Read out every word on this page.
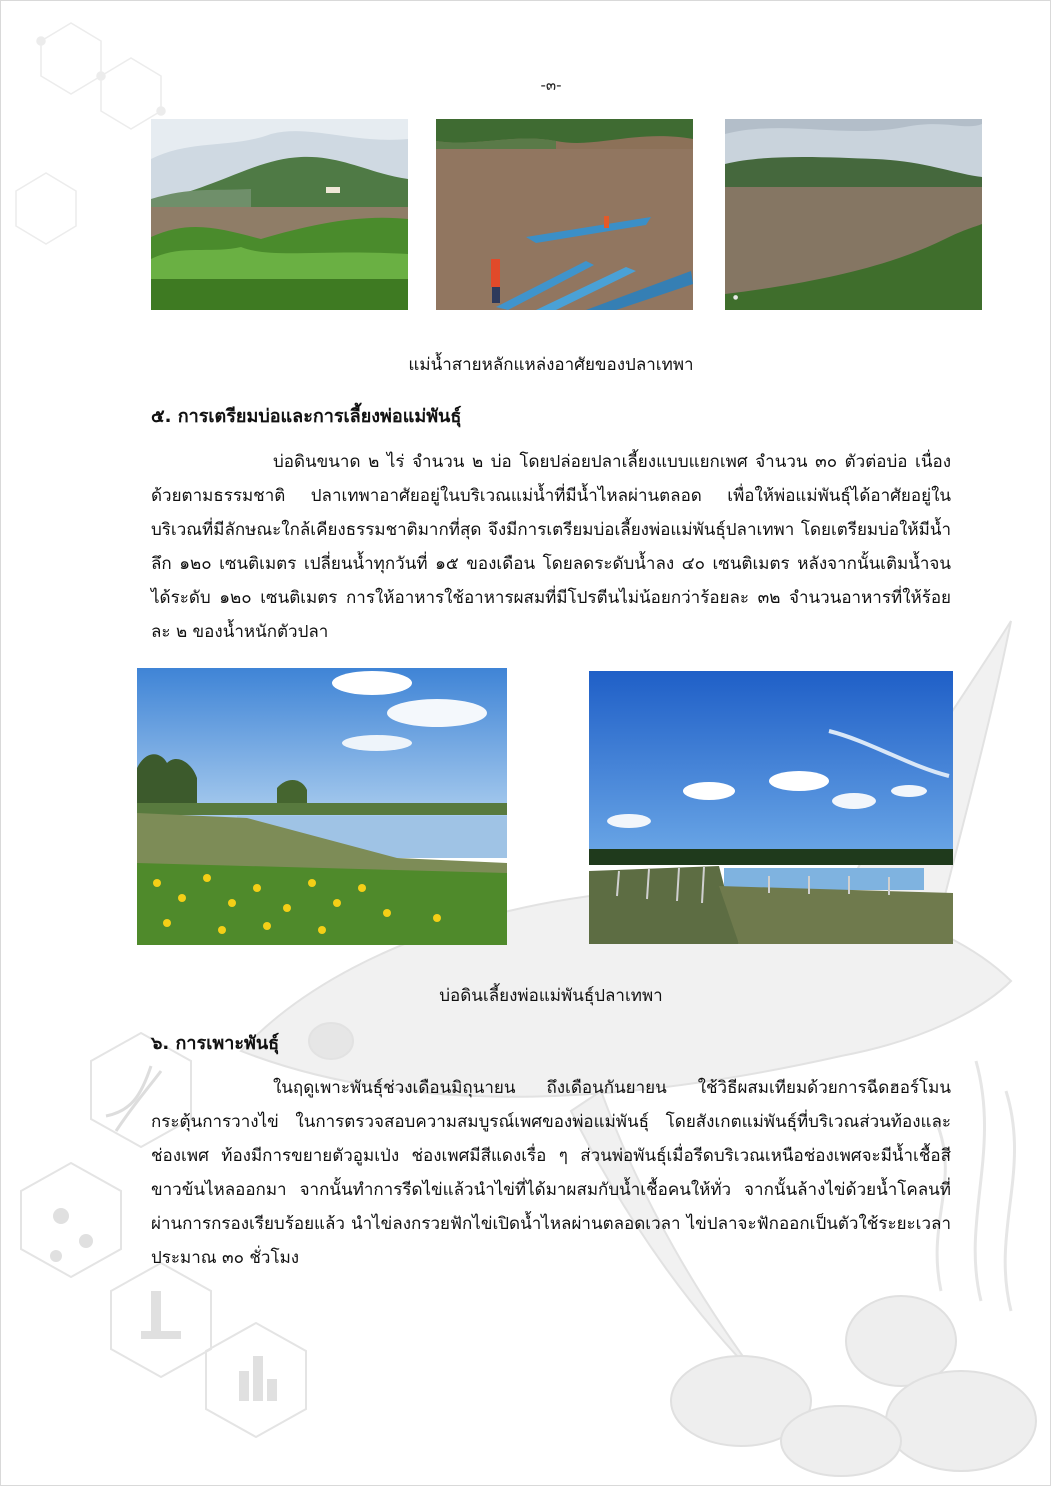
-๓-
●
แม่น้ำสายหลักแหล่งอาศัยของปลาเทพา
๕. การเตรียมบ่อและการเลี้ยงพ่อแม่พันธุ์
บ่อดินขนาด ๒ ไร่ จำนวน ๒ บ่อ โดยปล่อยปลาเลี้ยงแบบแยกเพศ จำนวน ๓๐ ตัวต่อบ่อ เนื่องด้วยตามธรรมชาติ ปลาเทพาอาศัยอยู่ในบริเวณแม่น้ำที่มีน้ำไหลผ่านตลอด เพื่อให้พ่อแม่พันธุ์ได้อาศัยอยู่ในบริเวณที่มีลักษณะใกล้เคียงธรรมชาติมากที่สุด จึงมีการเตรียมบ่อเลี้ยงพ่อแม่พันธุ์ปลาเทพา โดยเตรียมบ่อให้มีน้ำลึก ๑๒๐ เซนติเมตร เปลี่ยนน้ำทุกวันที่ ๑๕ ของเดือน โดยลดระดับน้ำลง ๔๐ เซนติเมตร หลังจากนั้นเติมน้ำจนได้ระดับ ๑๒๐ เซนติเมตร การให้อาหารใช้อาหารผสมที่มีโปรตีนไม่น้อยกว่าร้อยละ ๓๒ จำนวนอาหารที่ให้ร้อยละ ๒ ของน้ำหนักตัวปลา
บ่อดินเลี้ยงพ่อแม่พันธุ์ปลาเทพา
๖. การเพาะพันธุ์
ในฤดูเพาะพันธุ์ช่วงเดือนมิถุนายน ถึงเดือนกันยายน ใช้วิธีผสมเทียมด้วยการฉีดฮอร์โมนกระตุ้นการวางไข่ ในการตรวจสอบความสมบูรณ์เพศของพ่อแม่พันธุ์ โดยสังเกตแม่พันธุ์ที่บริเวณส่วนท้องและช่องเพศ ท้องมีการขยายตัวอูมเป่ง ช่องเพศมีสีแดงเรื่อ ๆ ส่วนพ่อพันธุ์เมื่อรีดบริเวณเหนือช่องเพศจะมีน้ำเชื้อสีขาวข้นไหลออกมา จากนั้นทำการรีดไข่แล้วนำไข่ที่ได้มาผสมกับน้ำเชื้อคนให้ทั่ว จากนั้นล้างไข่ด้วยน้ำโคลนที่ผ่านการกรองเรียบร้อยแล้ว นำไข่ลงกรวยฟักไข่เปิดน้ำไหลผ่านตลอดเวลา ไข่ปลาจะฟักออกเป็นตัวใช้ระยะเวลาประมาณ ๓๐ ชั่วโมง
